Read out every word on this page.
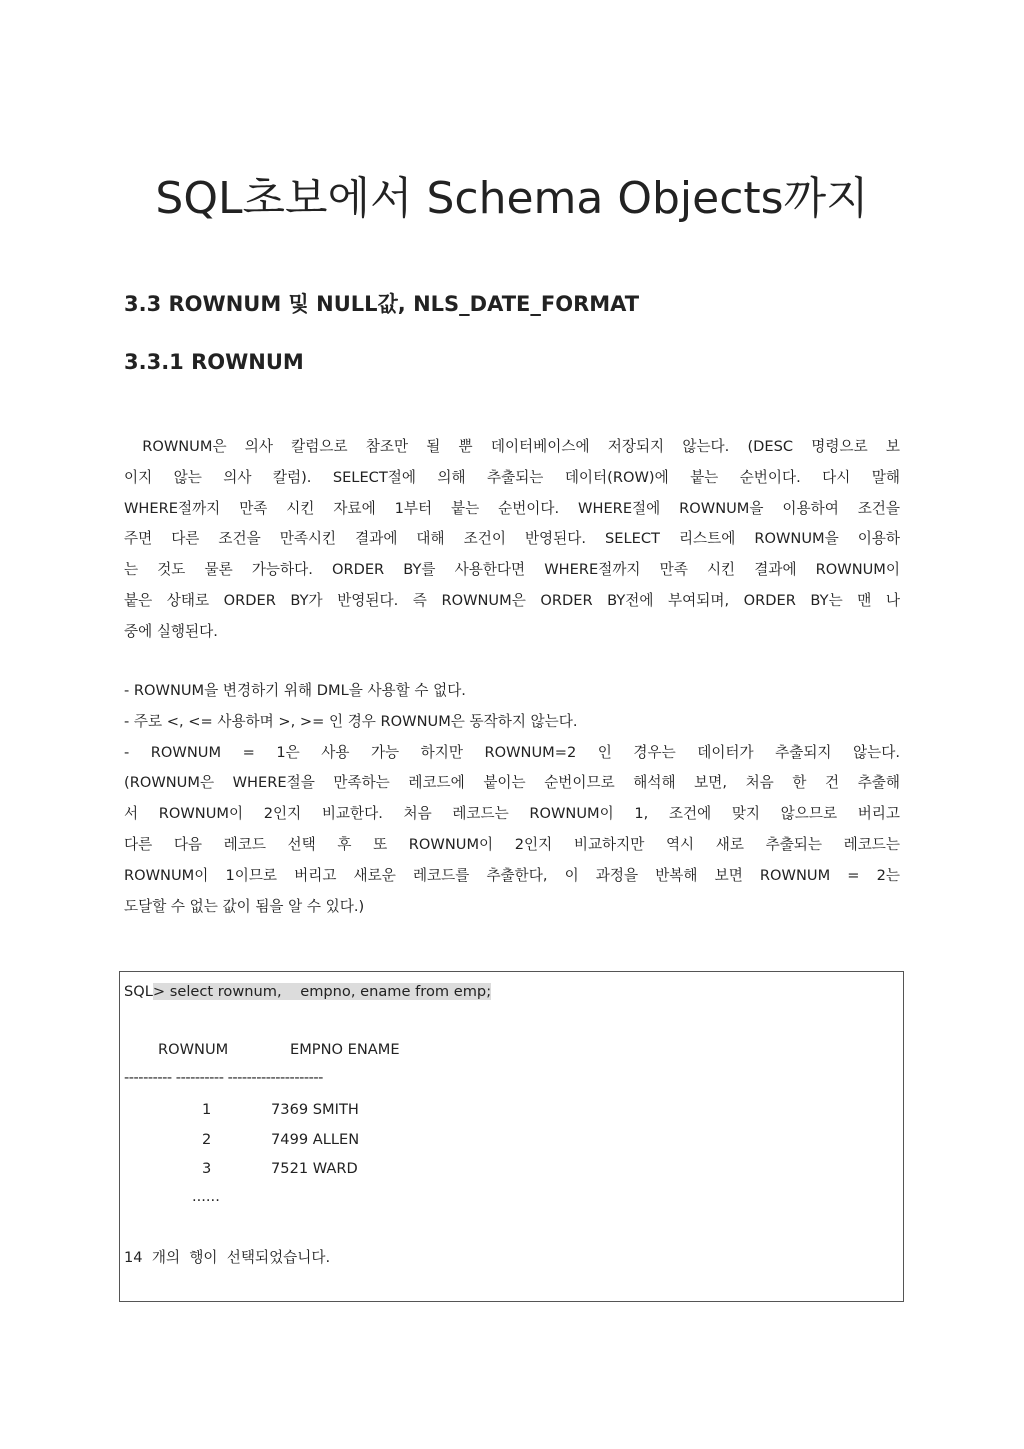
SQL초보에서 Schema Objects까지
3.3 ROWNUM 및 NULL값, NLS_DATE_FORMAT
3.3.1 ROWNUM
ROWNUM은  의사  칼럼으로  참조만  될  뿐  데이터베이스에  저장되지  않는다.  (DESC  명령으로  보
이지 않는 의사 칼럼). SELECT절에 의해 추출되는 데이터(ROW)에 붙는 순번이다. 다시 말해
WHERE절까지 만족 시킨 자료에 1부터 붙는 순번이다. WHERE절에 ROWNUM을 이용하여 조건을
주면 다른 조건을 만족시킨 결과에 대해 조건이 반영된다. SELECT 리스트에 ROWNUM을 이용하
는 것도 물론 가능하다. ORDER BY를 사용한다면 WHERE절까지 만족 시킨 결과에 ROWNUM이
붙은 상태로 ORDER BY가 반영된다. 즉 ROWNUM은 ORDER BY전에 부여되며, ORDER BY는 맨 나
중에 실행된다.
- ROWNUM을 변경하기 위해 DML을 사용할 수 없다.
- 주로 <, <= 사용하며 >, >= 인 경우 ROWNUM은 동작하지 않는다.
- ROWNUM = 1은 사용 가능 하지만 ROWNUM=2 인 경우는 데이터가 추출되지 않는다.
(ROWNUM은 WHERE절을 만족하는 레코드에 붙이는 순번이므로 해석해 보면, 처음 한 건 추출해
서 ROWNUM이 2인지 비교한다. 처음 레코드는 ROWNUM이 1, 조건에 맞지 않으므로 버리고
다른 다음 레코드 선택 후 또 ROWNUM이 2인지 비교하지만 역시 새로 추출되는 레코드는
ROWNUM이 1이므로 버리고 새로운 레코드를 추출한다, 이 과정을 반복해 보면 ROWNUM = 2는
도달할 수 없는 값이 됨을 알 수 있다.)
SQL> select rownum,    empno, ename from emp;
ROWNUM	EMPNO ENAME
---------- ---------- --------------------
1	7369 SMITH
2	7499 ALLEN
3	7521 WARD
......
14  개의  행이  선택되었습니다.
